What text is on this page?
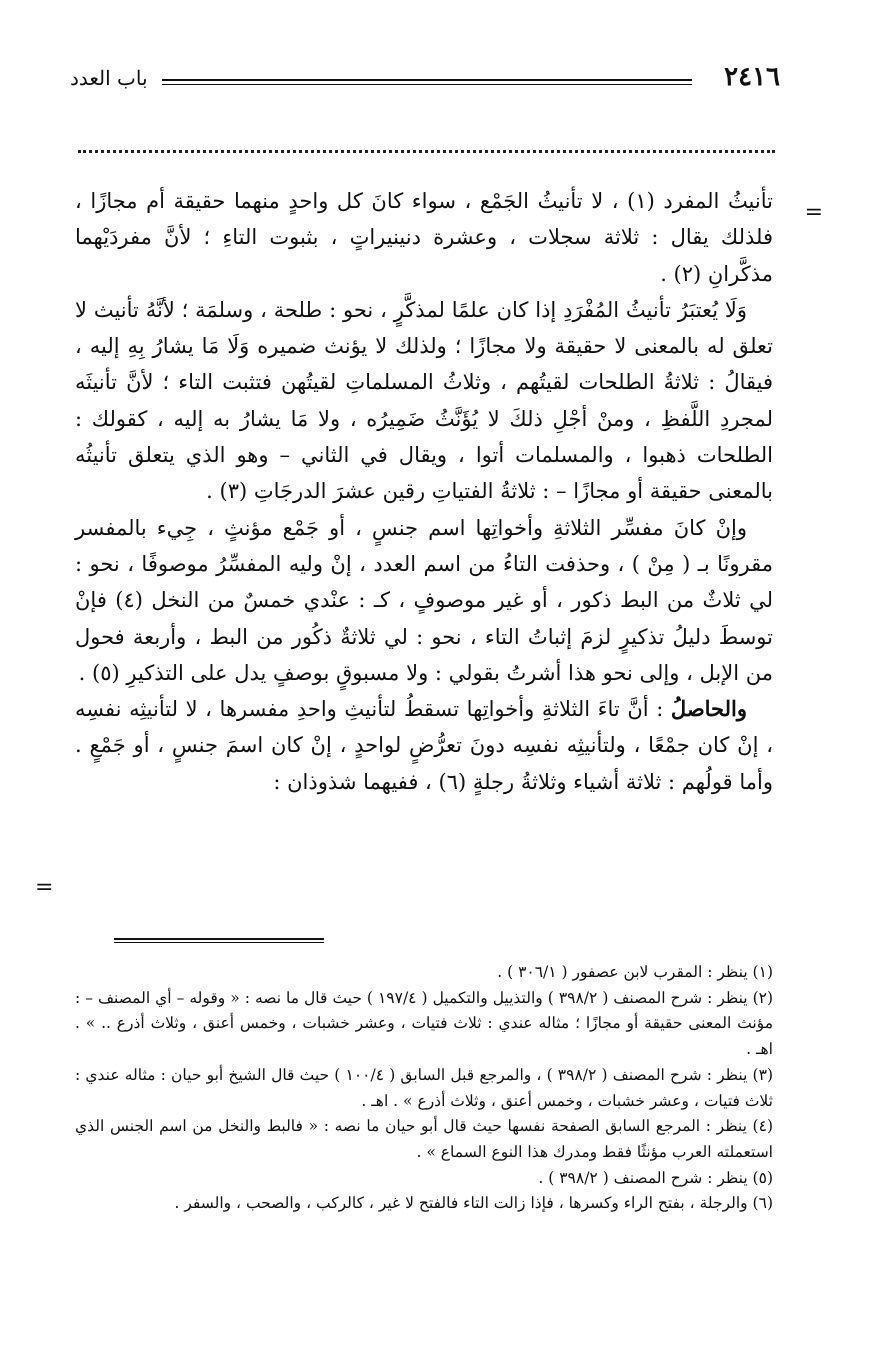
٢٤١٦
باب العدد
=
=

تأنيثُ المفرد (١) ، لا تأنيثُ الجَمْع ، سواء كانَ كل واحدٍ منهما حقيقة أم مجازًا ، فلذلك يقال : ثلاثة سجلات ، وعشرة دنينيراتٍ ، بثبوت التاءِ ؛ لأنَّ مفردَيْهما مذكَّرانِ (٢) .

وَلَا يُعتبَرُ تأنيثُ المُفْرَدِ إذا كان علمًا لمذكَّرٍ ، نحو : طلحة ، وسلمَة ؛ لأنَّهُ تأنيث لا تعلق له بالمعنى لا حقيقة ولا مجازًا ؛ ولذلك لا يؤنث ضميره وَلَا مَا يشارُ بِهِ إليه ، فيقالُ : ثلاثةُ الطلحات لقيتُهم ، وثلاثُ المسلماتِ لقيتُهن فتثبت التاء ؛ لأنَّ تأنيثَه لمجردِ اللَّفظِ ، ومنْ أجْلِ ذلكَ لا يُؤَنَّثُ ضَمِيرُه ، ولا مَا يشارُ به إليه ، كقولك : الطلحات ذهبوا ، والمسلمات أتوا ، ويقال في الثاني – وهو الذي يتعلق تأنيثُه بالمعنى حقيقة أو مجازًا – : ثلاثةُ الفتياتِ رقين عشرَ الدرجَاتِ (٣) .

وإنْ كانَ مفسِّر الثلاثةِ وأخواتِها اسم جنسٍ ، أو جَمْع مؤنثٍ ، جِيء بالمفسر مقرونًا بـ ( مِنْ ) ، وحذفت التاءُ من اسم العدد ، إنْ وليه المفسِّرُ موصوفًا ، نحو : لي ثلاثٌ من البط ذكور ، أو غير موصوفٍ ، كـ : عنْدي خمسٌ من النخل (٤) فإنْ توسطَ دليلُ تذكيرٍ لزمَ إثباتُ التاء ، نحو : لي ثلاثةٌ ذكُور من البط ، وأربعة فحول من الإبل ، وإلى نحو هذا أشرتُ بقولي : ولا مسبوقٍ بوصفٍ يدل على التذكيرِ (٥) .

والحاصلُ : أنَّ تاءَ الثلاثةِ وأخواتِها تسقطُ لتأنيثِ واحدِ مفسرها ، لا لتأنيثِه نفسِه ، إنْ كان جمْعًا ، ولتأنيثِه نفسِه دونَ تعرُّضٍ لواحدٍ ، إنْ كان اسمَ جنسٍ ، أو جَمْعٍ . وأما قولُهم : ثلاثة أشياء وثلاثةُ رجلةٍ (٦) ، ففيهما شذوذان :

(١) ينظر : المقرب لابن عصفور ( ٣٠٦/١ ) .

(٢) ينظر : شرح المصنف ( ٣٩٨/٢ ) والتذييل والتكميل ( ١٩٧/٤ ) حيث قال ما نصه : « وقوله – أي المصنف – : مؤنث المعنى حقيقة أو مجازًا ؛ مثاله عندي : ثلاث فتيات ، وعشر خشبات ، وخمس أعنق ، وثلاث أذرع .. » . اهـ .

(٣) ينظر : شرح المصنف ( ٣٩٨/٢ ) ، والمرجع قبل السابق ( ١٠٠/٤ ) حيث قال الشيخ أبو حيان : مثاله عندي : ثلاث فتيات ، وعشر خشبات ، وخمس أعنق ، وثلاث أذرع » . اهـ .

(٤) ينظر : المرجع السابق الصفحة نفسها حيث قال أبو حيان ما نصه : « فالبط والنخل من اسم الجنس الذي استعملته العرب مؤنثًا فقط ومدرك هذا النوع السماع » .

(٥) ينظر : شرح المصنف ( ٣٩٨/٢ ) .

(٦) والرجلة ، بفتح الراء وكسرها ، فإذا زالت التاء فالفتح لا غير ، كالركب ، والصحب ، والسفر .
